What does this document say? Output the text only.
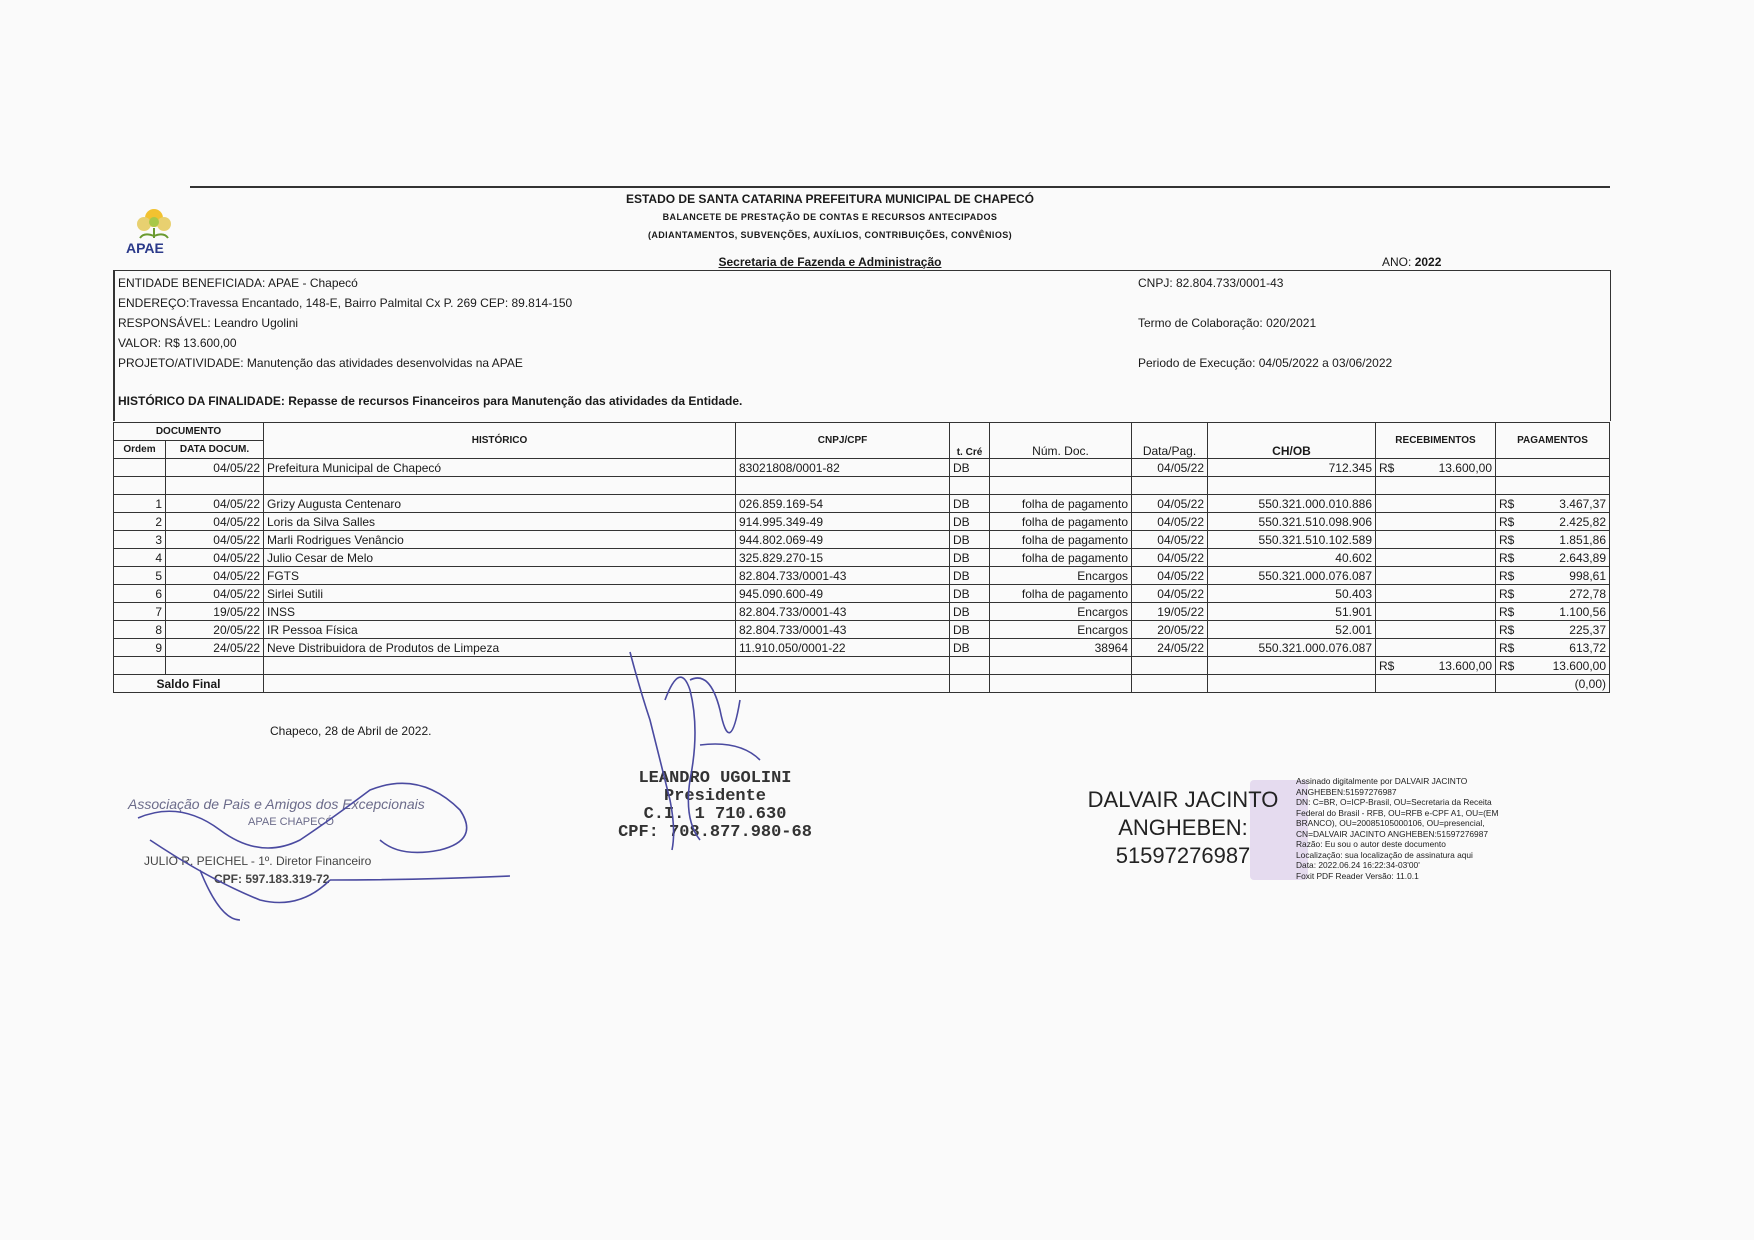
APAE
ESTADO DE SANTA CATARINA PREFEITURA MUNICIPAL DE CHAPECÓ
BALANCETE DE PRESTAÇÃO DE CONTAS E RECURSOS ANTECIPADOS
(ADIANTAMENTOS, SUBVENÇÕES, AUXÍLIOS, CONTRIBUIÇÕES, CONVÊNIOS)
Secretaria de Fazenda e Administração	ANO: 2022
ENTIDADE BENEFICIADA: APAE - Chapecó
ENDEREÇO:Travessa Encantado, 148-E, Bairro Palmital Cx P. 269 CEP: 89.814-150
RESPONSÁVEL: Leandro Ugolini
VALOR: R$ 13.600,00
PROJETO/ATIVIDADE: Manutenção das atividades desenvolvidas na APAE
HISTÓRICO DA FINALIDADE: Repasse de recursos Financeiros para Manutenção das atividades da Entidade.
CNPJ: 82.804.733/0001-43
Termo de Colaboração: 020/2021
Periodo de Execução: 04/05/2022 a 03/06/2022
DOCUMENTO		HISTÓRICO	CNPJ/CPF	t. Cré	Núm. Doc.	Data/Pag.	CH/OB	RECEBIMENTOS	PAGAMENTOS
Ordem	DATA DOCUM.								
	04/05/22	Prefeitura Municipal de Chapecó	83021808/0001-82	DB		04/05/22	712.345	R$ 13.600,00	

1	04/05/22	Grizy Augusta Centenaro	026.859.169-54	DB	folha de pagamento	04/05/22	550.321.000.010.886		R$ 3.467,37

2	04/05/22	Loris da Silva Salles	914.995.349-49	DB	folha de pagamento	04/05/22	550.321.510.098.906		R$ 2.425,82

3	04/05/22	Marli Rodrigues Venâncio	944.802.069-49	DB	folha de pagamento	04/05/22	550.321.510.102.589		R$ 1.851,86

4	04/05/22	Julio Cesar de Melo	325.829.270-15	DB	folha de pagamento	04/05/22	40.602		R$ 2.643,89

5	04/05/22	FGTS	82.804.733/0001-43	DB	Encargos	04/05/22	550.321.000.076.087		R$ 998,61

6	04/05/22	Sirlei Sutili	945.090.600-49	DB	folha de pagamento	04/05/22	50.403		R$ 272,78

7	19/05/22	INSS	82.804.733/0001-43	DB	Encargos	19/05/22	51.901		R$ 1.100,56

8	20/05/22	IR Pessoa Física	82.804.733/0001-43	DB	Encargos	20/05/22	52.001		R$ 225,37

9	24/05/22	Neve Distribuidora de Produtos de Limpeza	11.910.050/0001-22	DB	38964	24/05/22	550.321.000.076.087		R$ 613,72

								R$ 13.600,00	R$ 13.600,00

Saldo Final									(0,00)
Chapeco, 28 de Abril de 2022.
Associação de Pais e Amigos dos Excepcionais
APAE CHAPECÓ
JULIO R. PEICHEL - 1º. Diretor Financeiro
CPF: 597.183.319-72
LEANDRO UGOLINI
Presidente
C.I. 1 710.630
CPF: 708.877.980-68
DALVAIR JACINTO
ANGHEBEN:
51597276987
Assinado digitalmente por DALVAIR JACINTO
ANGHEBEN:51597276987
DN: C=BR, O=ICP-Brasil, OU=Secretaria da Receita
Federal do Brasil - RFB, OU=RFB e-CPF A1, OU=(EM
BRANCO), OU=20085105000106, OU=presencial,
CN=DALVAIR JACINTO ANGHEBEN:51597276987
Razão: Eu sou o autor deste documento
Localização: sua localização de assinatura aqui
Data: 2022.06.24 16:22:34-03'00'
Foxit PDF Reader Versão: 11.0.1
